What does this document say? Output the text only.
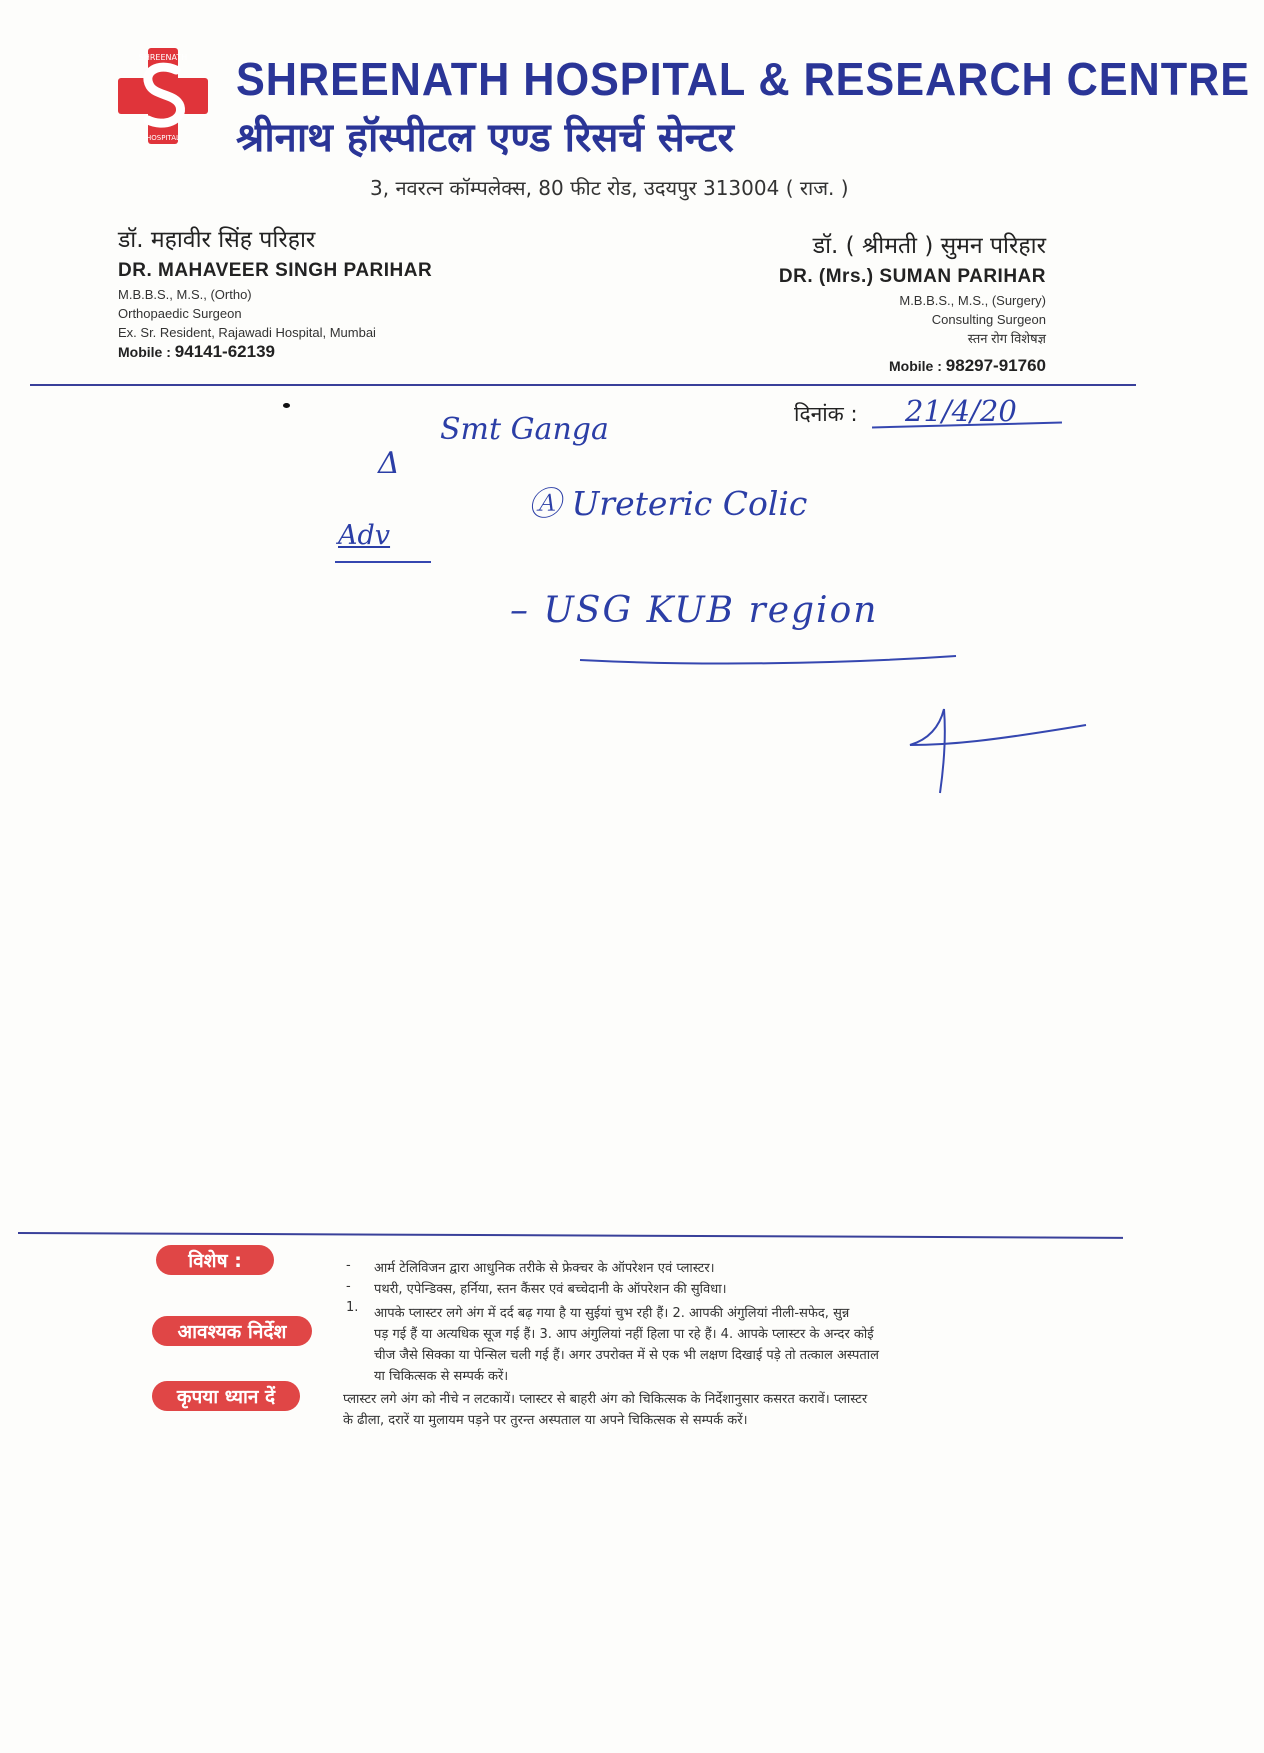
SHREENATH
HOSPITAL
SHREENATH HOSPITAL & RESEARCH CENTRE
श्रीनाथ हॉस्पीटल एण्ड रिसर्च सेन्टर
3, नवरत्न कॉम्पलेक्स, 80 फीट रोड, उदयपुर 313004 ( राज. )
डॉ. महावीर सिंह परिहार
DR. MAHAVEER SINGH PARIHAR
M.B.B.S., M.S., (Ortho)
Orthopaedic Surgeon
Ex. Sr. Resident, Rajawadi Hospital, Mumbai
Mobile : 94141-62139
डॉ. ( श्रीमती ) सुमन परिहार
DR. (Mrs.) SUMAN PARIHAR
M.B.B.S., M.S., (Surgery)
Consulting Surgeon
स्तन रोग विशेषज्ञ
Mobile : 98297-91760
दिनांक : 21/4/20
Smt Ganga
Δ
Ⓐ Ureteric Colic
Adv
– USG KUB region
विशेष :	- आर्म टेलिविजन द्वारा आधुनिक तरीके से फ्रेक्चर के ऑपरेशन एवं प्लास्टर।
- पथरी, एपेन्डिक्स, हर्निया, स्तन कैंसर एवं बच्चेदानी के ऑपरेशन की सुविधा।
आवश्यक निर्देश
1. आपके प्लास्टर लगे अंग में दर्द बढ़ गया है या सुईयां चुभ रही हैं। 2. आपकी अंगुलियां नीली-सफेद, सुन्न
पड़ गई हैं या अत्यधिक सूज गई हैं। 3. आप अंगुलियां नहीं हिला पा रहे हैं। 4. आपके प्लास्टर के अन्दर कोई
चीज जैसे सिक्का या पेन्सिल चली गई हैं। अगर उपरोक्त में से एक भी लक्षण दिखाई पड़े तो तत्काल अस्पताल
या चिकित्सक से सम्पर्क करें।
कृपया ध्यान दें	प्लास्टर लगे अंग को नीचे न लटकायें। प्लास्टर से बाहरी अंग को चिकित्सक के निर्देशानुसार कसरत करावें। प्लास्टर
के ढीला, दरारें या मुलायम पड़ने पर तुरन्त अस्पताल या अपने चिकित्सक से सम्पर्क करें।
